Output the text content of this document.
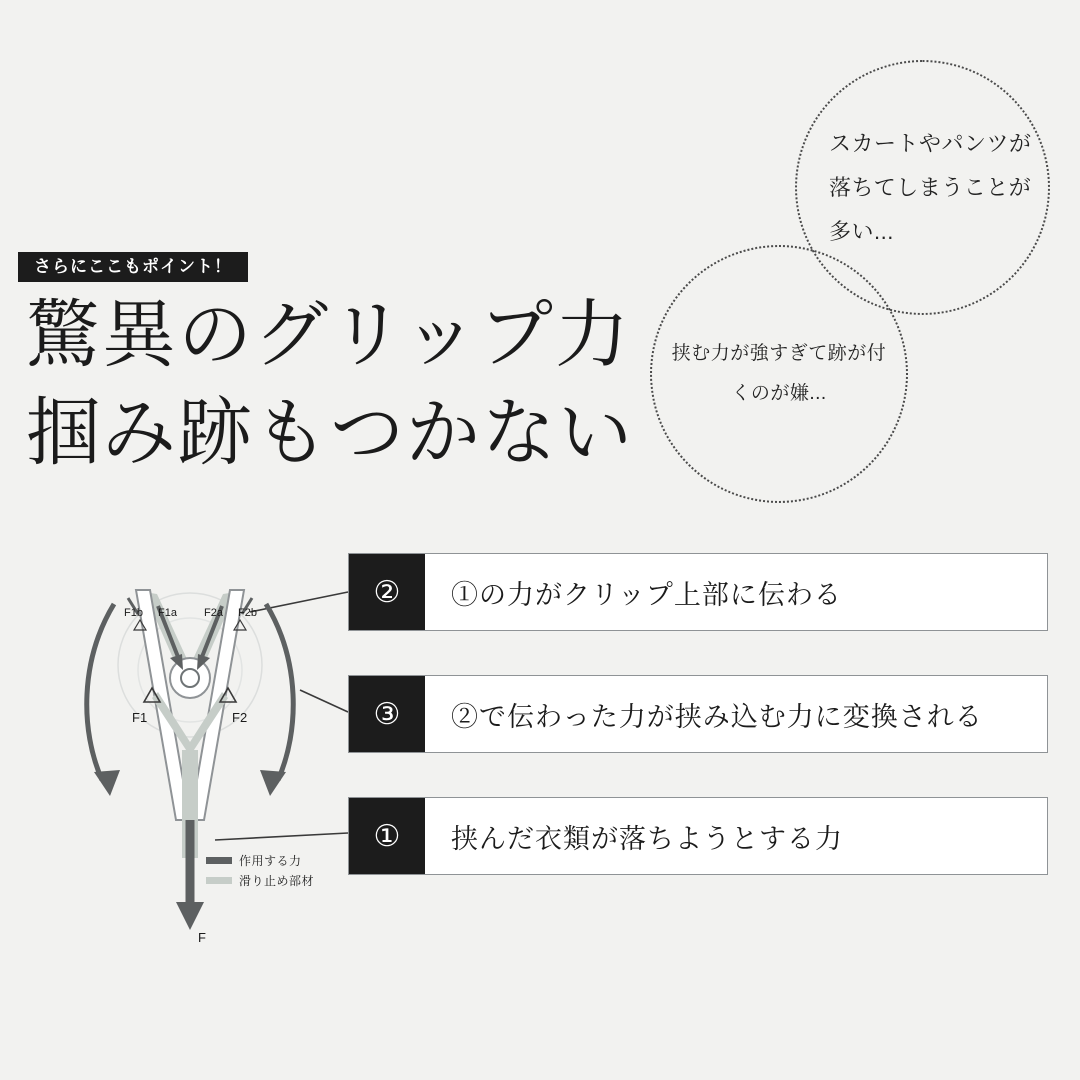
さらにここもポイント！
驚異のグリップ力
掴み跡もつかない

スカートやパンツが落ちてしまうことが多い...

挟む力が強すぎて跡が付くのが嫌...

F
F1b F1a F2a F2b
F1	F2
作用する力
滑り止め部材
②	①の力がクリップ上部に伝わる
③	②で伝わった力が挟み込む力に変換される
①	挟んだ衣類が落ちようとする力
